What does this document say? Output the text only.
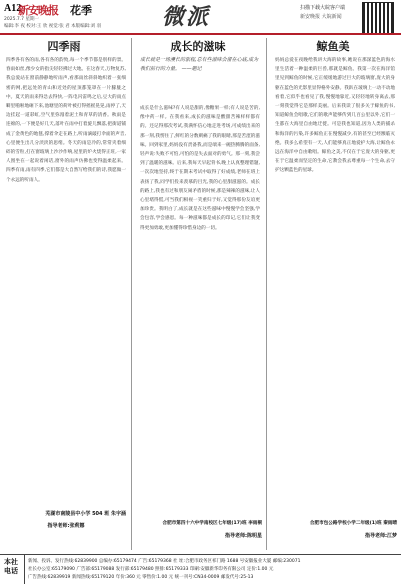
A12
新安晚报 花季
2025.7.7 星期一
编辑:李 夜 校对:王 欣 视觉:张 君 本版编辑:刘 羽	微派	扫描下载大皖客户端
新安晚报 大皖新闻
四季雨
四季各有各的雨,各有各的韵致,每一个季节都是别样的景。春雨如丝,像少女的指尖轻轻拂过大地。在这春天,万物复苏,我总爱站在窗前静静地听雨声,看那雨丝斜斜地织着一张细密的网,把远处的青山和近处的屋顶都笼罩在一片朦胧之中。夏天的雨来得急去得快,一阵电闪雷鸣之后,豆大的雨点噼里啪啦地砸下来,池塘里的荷叶被打得摇摇晃晃,雨停了,天边挂起一道彩虹,空气里弥漫着泥土和青草的清香。秋雨是连绵的,一下便是好几天,落叶在雨中打着旋儿飘落,把街道铺成了金黄色的地毯,撑着伞走在路上,听雨滴敲打伞面的声音,心里便生出几分淡淡的思绪。冬天的雨是冷的,常常夹着细碎的雪粒,打在窗玻璃上沙沙作响,屋里的炉火烧得正旺,一家人围坐在一起说着闲话,窗外的雨声仿佛也变得温柔起来。四季有雨,雨有四季,它们都是大自然写给我们的诗,我愿做一个永远的听雨人。
芜湖市南陵县中小学 504 班 朱宇涵
指导老师:张莉娜
成长的滋味
成长就是一场漫长的旅程,总有些滋味会留在心底,成为我们前行的力量。 ——题记
成长是什么滋味?有人说是甜的,像糖果一样;有人说是苦的,像中药一样。在我看来,成长的滋味是酸甜苦辣样样都有的。还记得那次考试,我满怀信心地走进考场,可成绩出来的那一刻,我愣住了,鲜红的分数刺痛了我的眼睛,那是苦涩的滋味。回到家里,妈妈没有责备我,而是端来一碗热腾腾的面条,轻声说:失败不可怕,可怕的是失去面对的勇气。那一刻,我尝到了温暖的滋味。后来,我每天早起背书,晚上认真整理错题,一次次地坚持,终于在期末考试中取得了好成绩,老师在班上表扬了我,同学们投来羡慕的目光,我的心里甜滋滋的。成长的路上,我也有过和朋友闹矛盾的时候,那是辣辣的滋味,让人心里堵得慌,可当我们相视一笑重归于好,又觉得那份友谊更加珍贵。我明白了,成长就是在这些滋味中慢慢学会坚强,学会包容,学会感恩。每一种滋味都是成长的印记,它们让我变得更加勇敢,更加懂得珍惜身边的一切。
合肥市第四十六中学南校区七年级(17)班 李雨桐
指导老师:陈明星
鲸鱼美
妈妈总爱在夜晚给我讲大海的故事,她说在那深蓝色的海水里生活着一种温柔的巨兽,那就是鲸鱼。我第一次在海洋馆里见到鲸鱼的时候,它正缓缓地游过巨大的玻璃窗,庞大的身躯在蓝色的光影里显得格外安静。我趴在玻璃上一动不动地看着,它似乎也看见了我,慢慢地靠近,又轻轻地转身离去,那一刻我觉得它是那样美丽。后来我读了很多关于鲸鱼的书,知道鲸鱼会唱歌,它们的歌声能够传到几百公里以外,它们一生都在大海里自由地迁徙。可是我也知道,因为人类的捕杀和海洋的污染,许多鲸鱼正在慢慢减少,有的甚至已经濒临灭绝。我多么希望有一天,人们能够真正地爱护大海,让鲸鱼永远在海洋中自由歌唱。鲸鱼之美,不仅在于它庞大的身躯,更在于它温柔而坚定的生命,它教会我去尊重每一个生命,去守护这颗蓝色的星球。
合肥市包公路学校小学二年级(1)班 秦雨晴
指导老师:江梦
本社电话
新闻、投诉、发行热线:62839900 总编办:65179474 广告:65179368 社 址:合肥市政务区祁门路 1688 号安徽报业大厦 邮编:230071
社长办公室:65179090 广告部:65179088 发行部:65179480 照排:65179333 印刷:安徽新华印务有限公司 定价:1.00 元
广告热线:62839919 新闻热线:65179120 年价:360 元 零售价:1.00 元 统一刊号:CN34-0009 邮发代号:25-13
